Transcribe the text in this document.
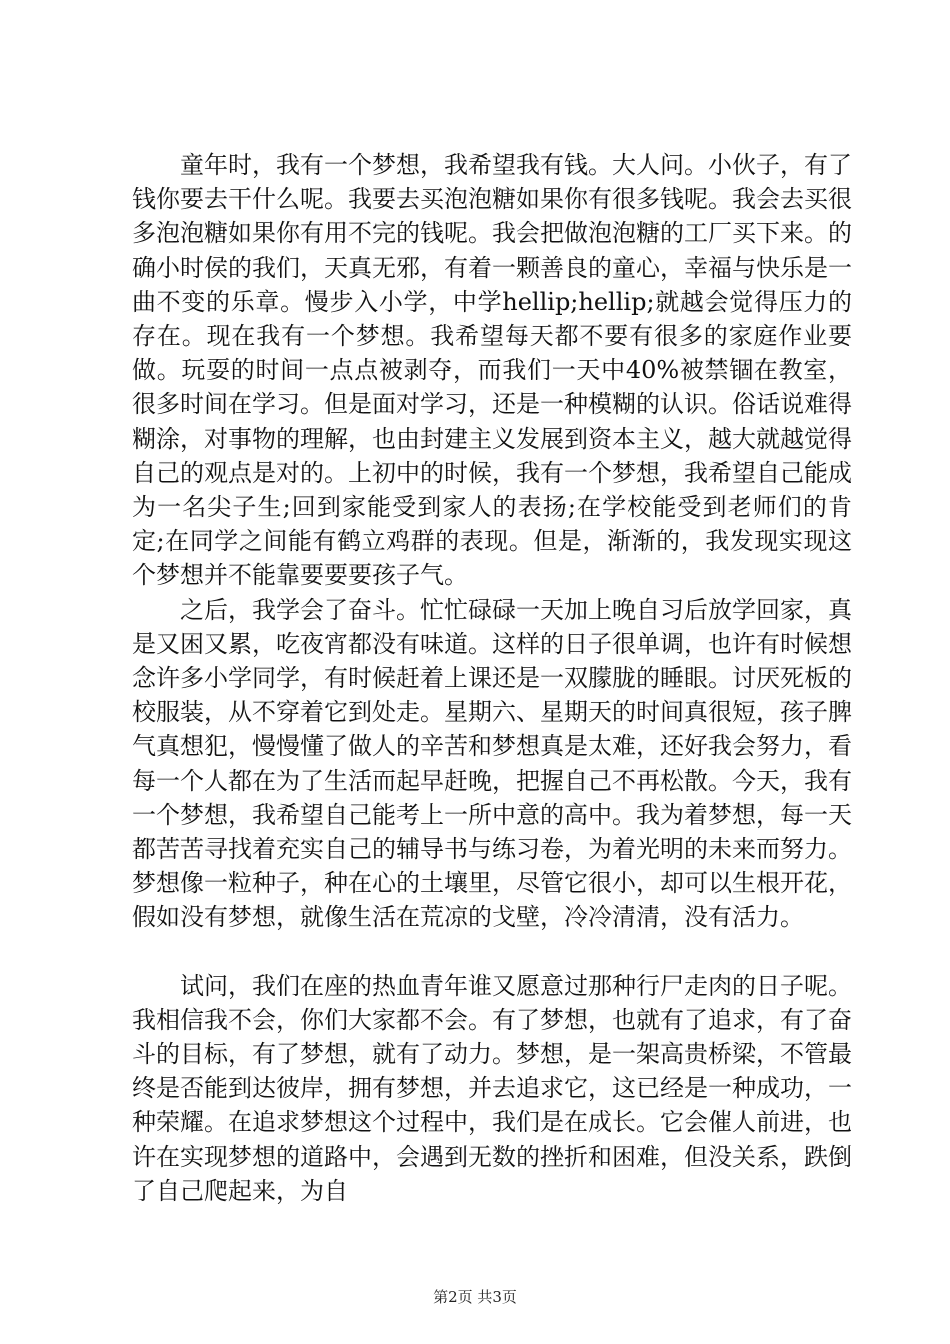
童年时，我有一个梦想，我希望我有钱。大人问。小伙子，有了钱你要去干什么呢。我要去买泡泡糖如果你有很多钱呢。我会去买很多泡泡糖如果你有用不完的钱呢。我会把做泡泡糖的工厂买下来。的确小时侯的我们，天真无邪，有着一颗善良的童心，幸福与快乐是一曲不变的乐章。慢步入小学，中学hellip;hellip;就越会觉得压力的存在。现在我有一个梦想。我希望每天都不要有很多的家庭作业要做。玩耍的时间一点点被剥夺，而我们一天中40%被禁锢在教室，很多时间在学习。但是面对学习，还是一种模糊的认识。俗话说难得糊涂，对事物的理解，也由封建主义发展到资本主义，越大就越觉得自己的观点是对的。上初中的时候，我有一个梦想，我希望自己能成为一名尖子生;回到家能受到家人的表扬;在学校能受到老师们的肯定;在同学之间能有鹤立鸡群的表现。但是，渐渐的，我发现实现这个梦想并不能靠要要要孩子气。

之后，我学会了奋斗。忙忙碌碌一天加上晚自习后放学回家，真是又困又累，吃夜宵都没有味道。这样的日子很单调，也许有时候想念许多小学同学，有时候赶着上课还是一双朦胧的睡眼。讨厌死板的校服装，从不穿着它到处走。星期六、星期天的时间真很短，孩子脾气真想犯，慢慢懂了做人的辛苦和梦想真是太难，还好我会努力，看每一个人都在为了生活而起早赶晚，把握自己不再松散。今天，我有一个梦想，我希望自己能考上一所中意的高中。我为着梦想，每一天都苦苦寻找着充实自己的辅导书与练习卷，为着光明的未来而努力。梦想像一粒种子，种在心的土壤里，尽管它很小，却可以生根开花，假如没有梦想，就像生活在荒凉的戈壁，冷冷清清，没有活力。

试问，我们在座的热血青年谁又愿意过那种行尸走肉的日子呢。我相信我不会，你们大家都不会。有了梦想，也就有了追求，有了奋斗的目标，有了梦想，就有了动力。梦想，是一架高贵桥梁，不管最终是否能到达彼岸，拥有梦想，并去追求它，这已经是一种成功，一种荣耀。在追求梦想这个过程中，我们是在成长。它会催人前进，也许在实现梦想的道路中，会遇到无数的挫折和困难，但没关系，跌倒了自己爬起来，为自

第2页 共3页
